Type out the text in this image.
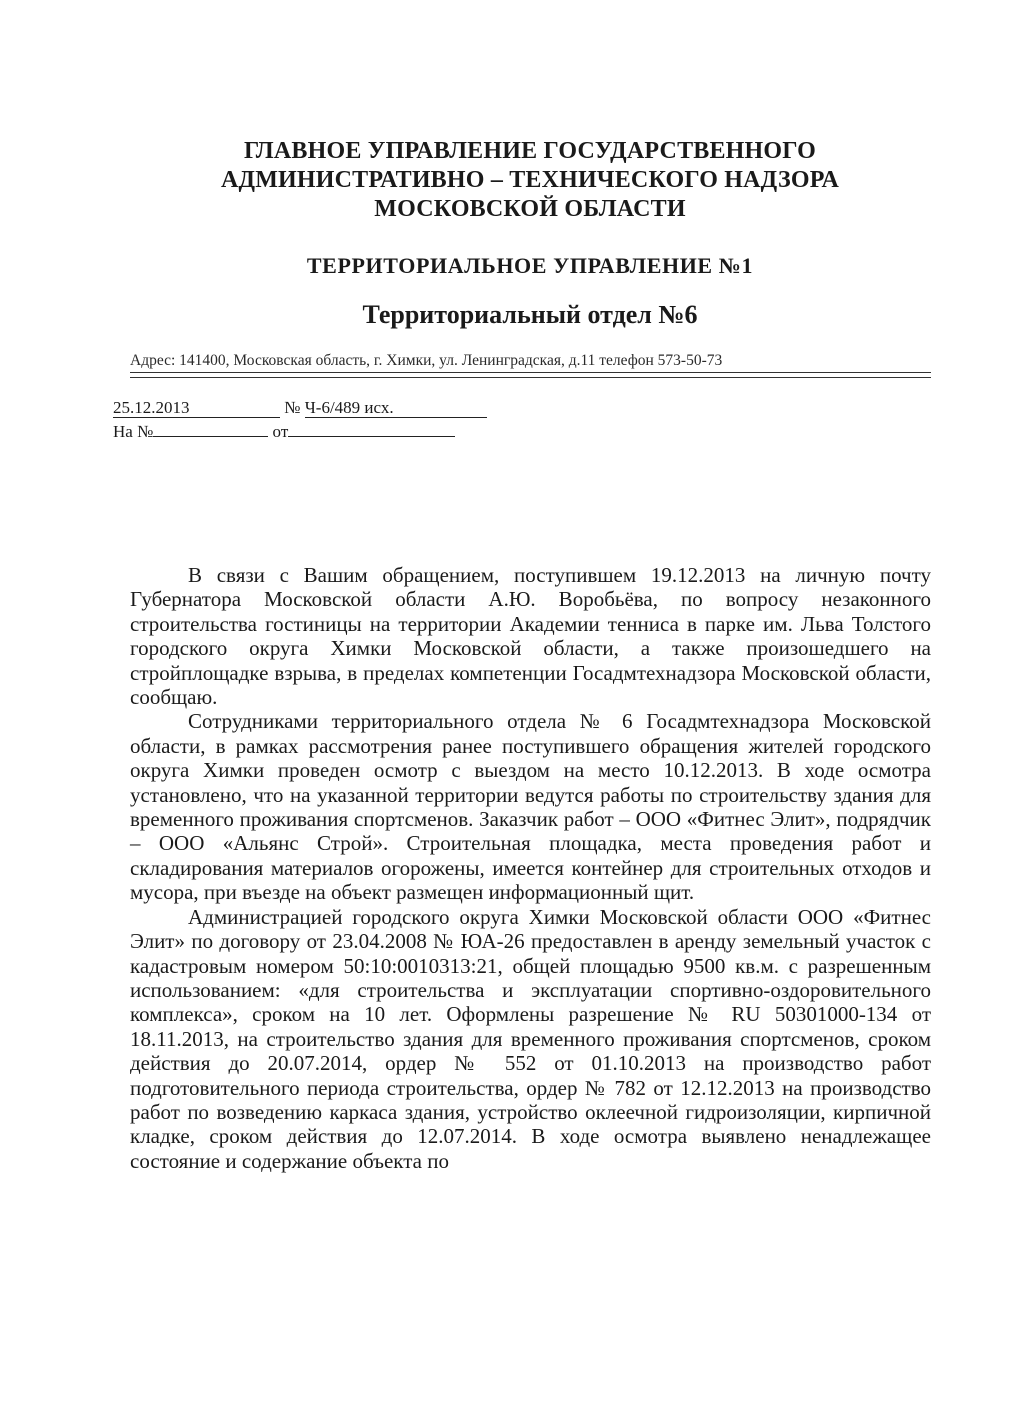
ГЛАВНОЕ УПРАВЛЕНИЕ ГОСУДАРСТВЕННОГО
АДМИНИСТРАТИВНО – ТЕХНИЧЕСКОГО НАДЗОРА
МОСКОВСКОЙ ОБЛАСТИ
ТЕРРИТОРИАЛЬНОЕ УПРАВЛЕНИЕ №1
Территориальный отдел №6
Адрес: 141400, Московская область, г. Химки, ул. Ленинградская, д.11 телефон 573-50-73
25.12.2013	№ Ч-6/489 исх.
На №	от

В связи с Вашим обращением, поступившем 19.12.2013 на личную почту Губернатора Московской области А.Ю. Воробьёва, по вопросу незаконного строительства гостиницы на территории Академии тенниса в парке им. Льва Толстого городского округа Химки Московской области, а также произошедшего на стройплощадке взрыва, в пределах компетенции Госадмтехнадзора Московской области, сообщаю.

Сотрудниками территориального отдела № 6 Госадмтехнадзора Московской области, в рамках рассмотрения ранее поступившего обращения жителей городского округа Химки проведен осмотр с выездом на место 10.12.2013. В ходе осмотра установлено, что на указанной территории ведутся работы по строительству здания для временного проживания спортсменов. Заказчик работ – ООО «Фитнес Элит», подрядчик – ООО «Альянс Строй». Строительная площадка, места проведения работ и складирования материалов огорожены, имеется контейнер для строительных отходов и мусора, при въезде на объект размещен информационный щит.

Администрацией городского округа Химки Московской области ООО «Фитнес Элит» по договору от 23.04.2008 № ЮА-26 предоставлен в аренду земельный участок с кадастровым номером 50:10:0010313:21, общей площадью 9500 кв.м. с разрешенным использованием: «для строительства и эксплуатации спортивно-оздоровительного комплекса», сроком на 10 лет. Оформлены разрешение № RU 50301000-134 от 18.11.2013, на строительство здания для временного проживания спортсменов, сроком действия до 20.07.2014, ордер № 552 от 01.10.2013 на производство работ подготовительного периода строительства, ордер № 782 от 12.12.2013 на производство работ по возведению каркаса здания, устройство оклеечной гидроизоляции, кирпичной кладке, сроком действия до 12.07.2014. В ходе осмотра выявлено ненадлежащее состояние и содержание объекта по
